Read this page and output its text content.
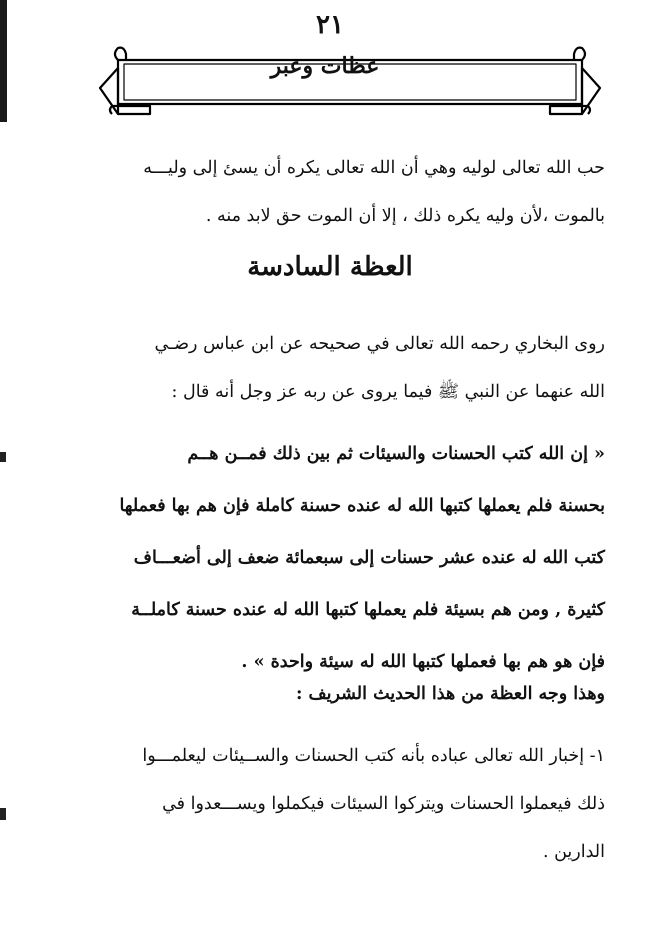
٢١
عظات وعبر
حب الله تعالى لوليه وهي أن الله تعالى يكره أن يسئ إلى وليـــه
بالموت ،لأن وليه يكره ذلك ، إلا أن الموت حق لابد منه .
العظة السادسة
روى البخاري رحمه الله تعالى في صحيحه عن ابن عباس رضـي
الله عنهما عن النبي ﷺ فيما يروى عن ربه عز وجل أنه قال :
« إن الله كتب الحسنات والسيئات ثم بين ذلك فمــن هــم
بحسنة فلم يعملها كتبها الله له عنده حسنة كاملة فإن هم بها فعملها
كتب الله له عنده عشر حسنات إلى سبعمائة ضعف إلى أضعـــاف
كثيرة , ومن هم بسيئة فلم يعملها كتبها الله له عنده حسنة كاملــة
فإن هو هم بها فعملها كتبها الله له سيئة واحدة » .
وهذا وجه العظة من هذا الحديث الشريف :
١- إخبار الله تعالى عباده بأنه كتب الحسنات والســيئات ليعلمـــوا
ذلك فيعملوا الحسنات ويتركوا السيئات فيكملوا ويســـعدوا في
الدارين .
